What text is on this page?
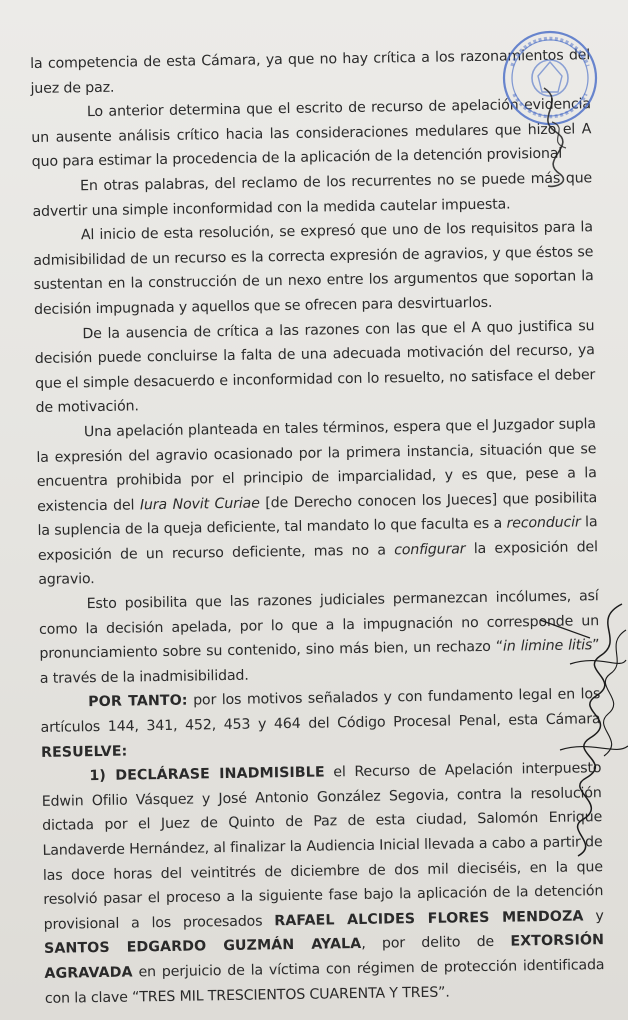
la competencia de esta Cámara, ya que no hay crítica a los razonamientos del juez de paz.

Lo anterior determina que el escrito de recurso de apelación evidencia un ausente análisis crítico hacia las consideraciones medulares que hizo el A quo para estimar la procedencia de la aplicación de la detención provisional

En otras palabras, del reclamo de los recurrentes no se puede más que advertir una simple inconformidad con la medida cautelar impuesta.

Al inicio de esta resolución, se expresó que uno de los requisitos para la admisibilidad de un recurso es la correcta expresión de agravios, y que éstos se sustentan en la construcción de un nexo entre los argumentos que soportan la decisión impugnada y aquellos que se ofrecen para desvirtuarlos.

De la ausencia de crítica a las razones con las que el A quo justifica su decisión puede concluirse la falta de una adecuada motivación del recurso, ya que el simple desacuerdo e inconformidad con lo resuelto, no satisface el deber de motivación.

Una apelación planteada en tales términos, espera que el Juzgador supla la expresión del agravio ocasionado por la primera instancia, situación que se encuentra prohibida por el principio de imparcialidad, y es que, pese a la existencia del Iura Novit Curiae [de Derecho conocen los Jueces] que posibilita la suplencia de la queja deficiente, tal mandato lo que faculta es a reconducir la exposición de un recurso deficiente, mas no a configurar la exposición del agravio.

Esto posibilita que las razones judiciales permanezcan incólumes, así como la decisión apelada, por lo que a la impugnación no corresponde un pronunciamiento sobre su contenido, sino más bien, un rechazo “in limine litis” a través de la inadmisibilidad.

POR TANTO: por los motivos señalados y con fundamento legal en los artículos 144, 341, 452, 453 y 464 del Código Procesal Penal, esta Cámara RESUELVE:

1) DECLÁRASE INADMISIBLE el Recurso de Apelación interpuesto Edwin Ofilio Vásquez y José Antonio González Segovia, contra la resolución dictada por el Juez de Quinto de Paz de esta ciudad, Salomón Enrique Landaverde Hernández, al finalizar la Audiencia Inicial llevada a cabo a partir de las doce horas del veintitrés de diciembre de dos mil dieciséis, en la que resolvió pasar el proceso a la siguiente fase bajo la aplicación de la detención provisional a los procesados RAFAEL ALCIDES FLORES MENDOZA y SANTOS EDGARDO GUZMÁN AYALA, por delito de EXTORSIÓN AGRAVADA en perjuicio de la víctima con régimen de protección identificada con la clave “TRES MIL TRESCIENTOS CUARENTA Y TRES”.
